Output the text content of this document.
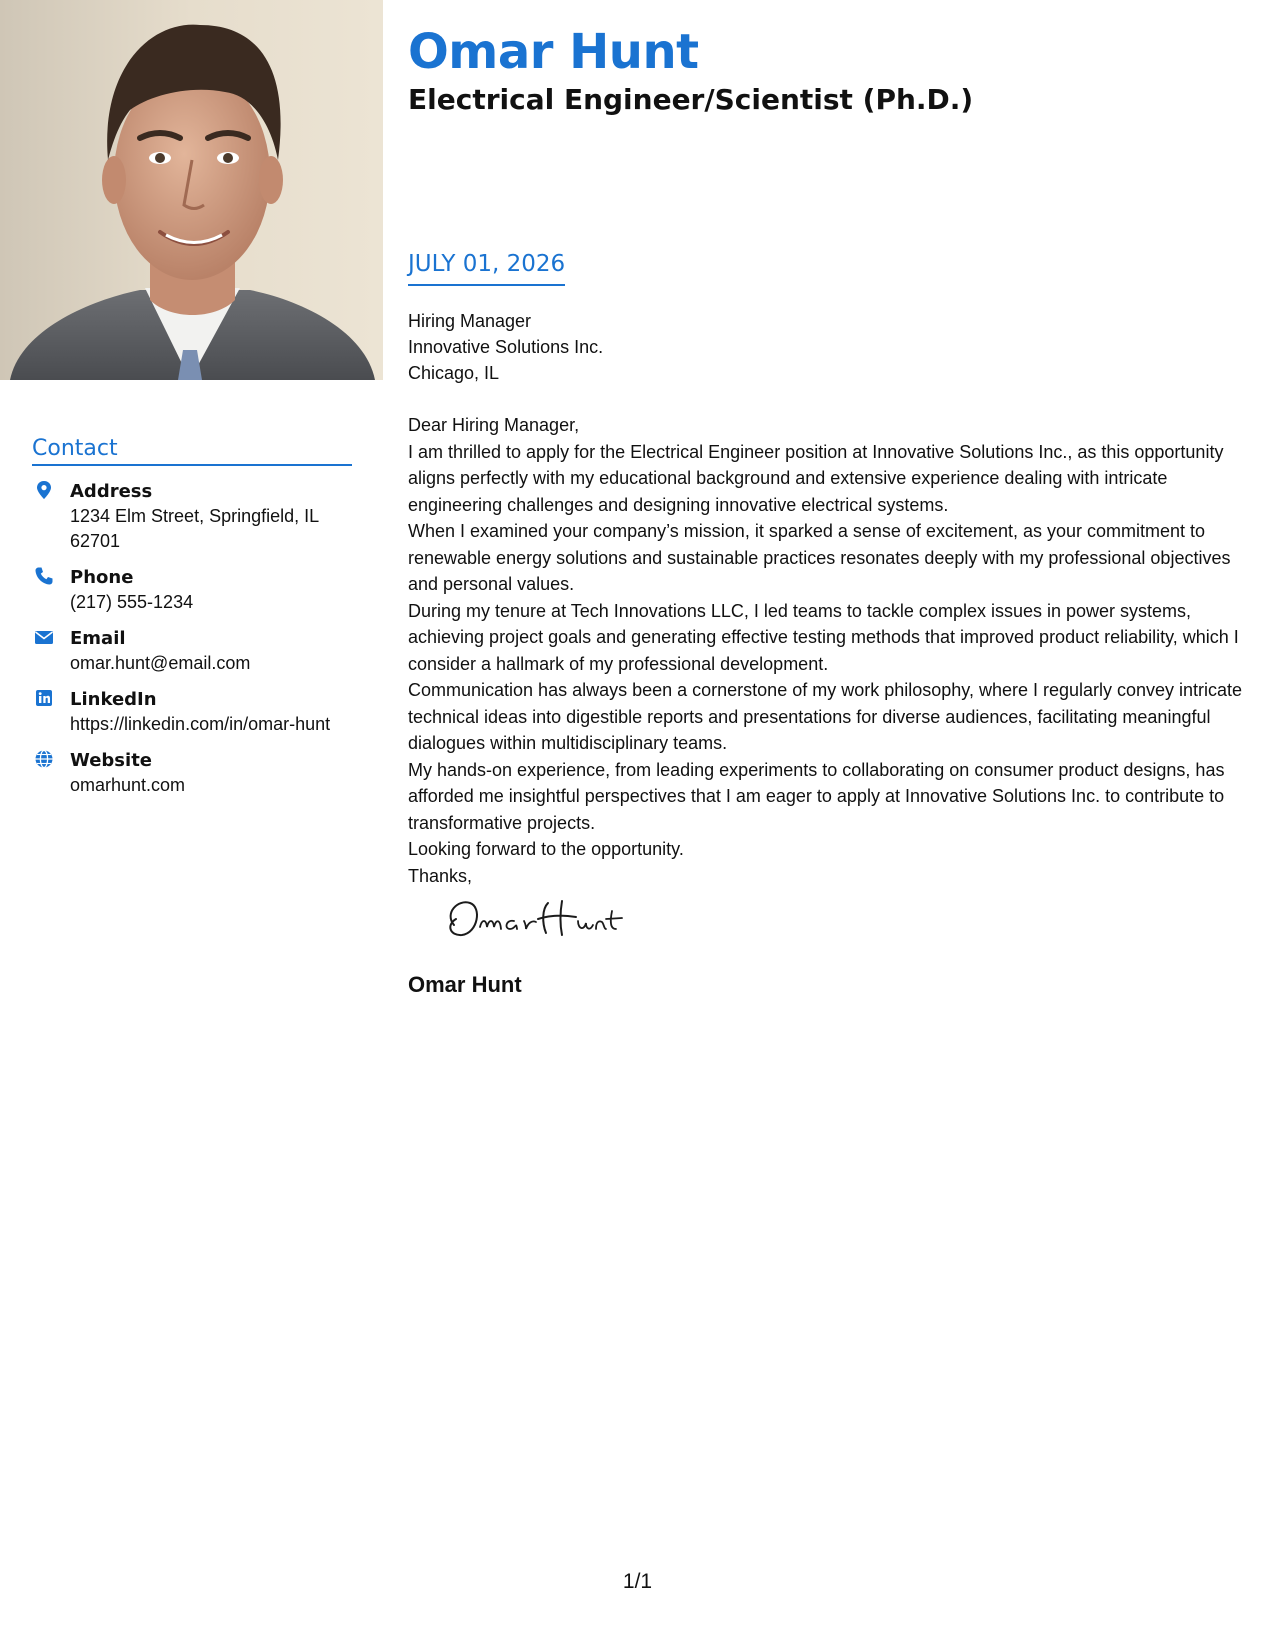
Contact
Address
1234 Elm Street, Springfield, IL 62701
Phone
(217) 555-1234
Email
omar.hunt@email.com
LinkedIn
https://linkedin.com/in/omar-hunt
Website
omarhunt.com
Omar Hunt
Electrical Engineer/Scientist (Ph.D.)
JULY 01, 2026
Hiring Manager
Innovative Solutions Inc.
Chicago, IL

Dear Hiring Manager,

I am thrilled to apply for the Electrical Engineer position at Innovative Solutions Inc., as this opportunity aligns perfectly with my educational background and extensive experience dealing with intricate engineering challenges and designing innovative electrical systems.

When I examined your company’s mission, it sparked a sense of excitement, as your commitment to renewable energy solutions and sustainable practices resonates deeply with my professional objectives and personal values.

During my tenure at Tech Innovations LLC, I led teams to tackle complex issues in power systems, achieving project goals and generating effective testing methods that improved product reliability, which I consider a hallmark of my professional development.

Communication has always been a cornerstone of my work philosophy, where I regularly convey intricate technical ideas into digestible reports and presentations for diverse audiences, facilitating meaningful dialogues within multidisciplinary teams.

My hands-on experience, from leading experiments to collaborating on consumer product designs, has afforded me insightful perspectives that I am eager to apply at Innovative Solutions Inc. to contribute to transformative projects.

Looking forward to the opportunity.

Thanks,

Omar Hunt
1/1
